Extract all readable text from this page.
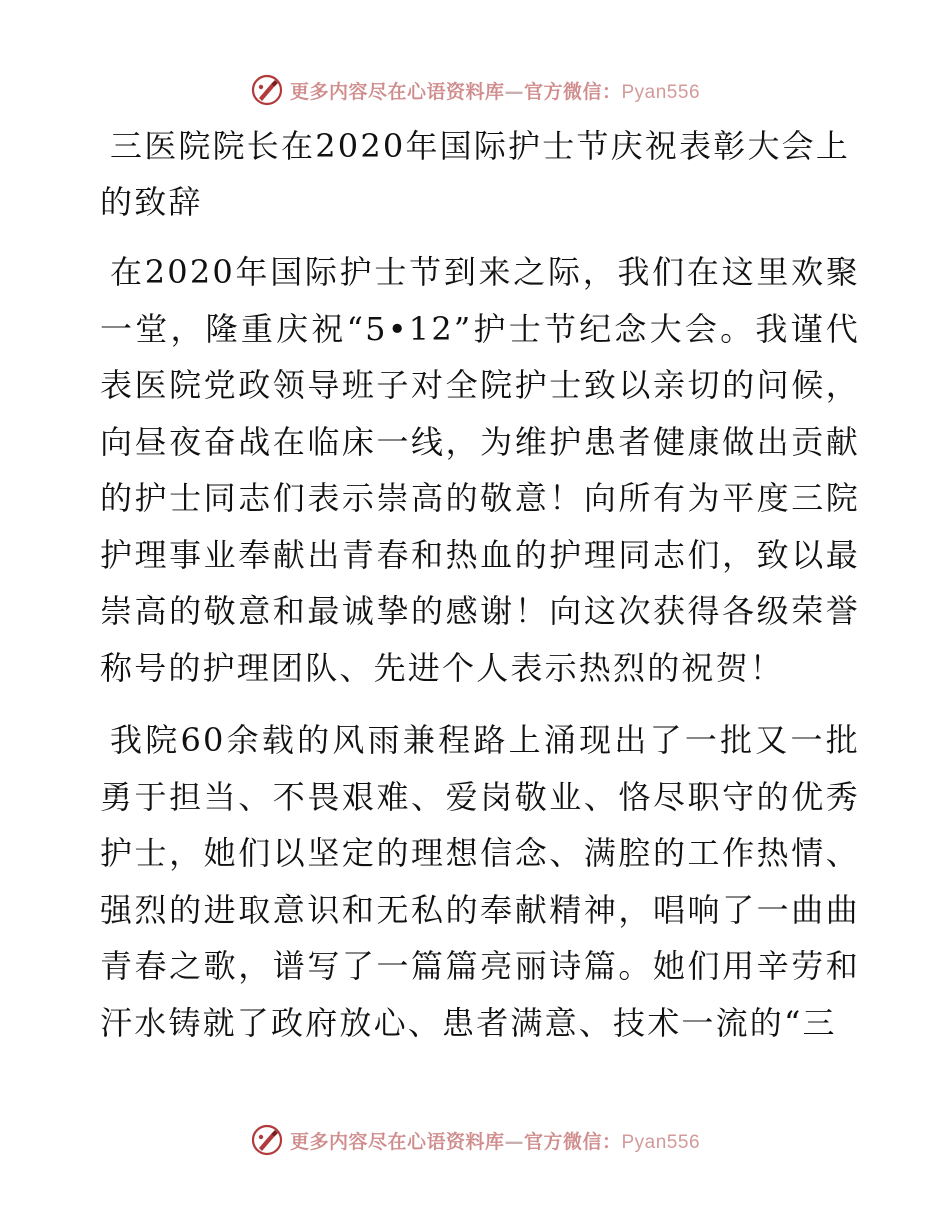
更多内容尽在心语资料库—官方微信：Pyan556
三医院院长在2020年国际护士节庆祝表彰大会上的致辞

在2020年国际护士节到来之际，我们在这里欢聚一堂，隆重庆祝“5•12”护士节纪念大会。我谨代表医院党政领导班子对全院护士致以亲切的问候，向昼夜奋战在临床一线，为维护患者健康做出贡献的护士同志们表示崇高的敬意！向所有为平度三院护理事业奉献出青春和热血的护理同志们，致以最崇高的敬意和最诚挚的感谢！向这次获得各级荣誉称号的护理团队、先进个人表示热烈的祝贺！

我院60余载的风雨兼程路上涌现出了一批又一批勇于担当、不畏艰难、爱岗敬业、恪尽职守的优秀护士，她们以坚定的理想信念、满腔的工作热情、强烈的进取意识和无私的奉献精神，唱响了一曲曲青春之歌，谱写了一篇篇亮丽诗篇。她们用辛劳和汗水铸就了政府放心、患者满意、技术一流的“三

更多内容尽在心语资料库—官方微信：Pyan556
